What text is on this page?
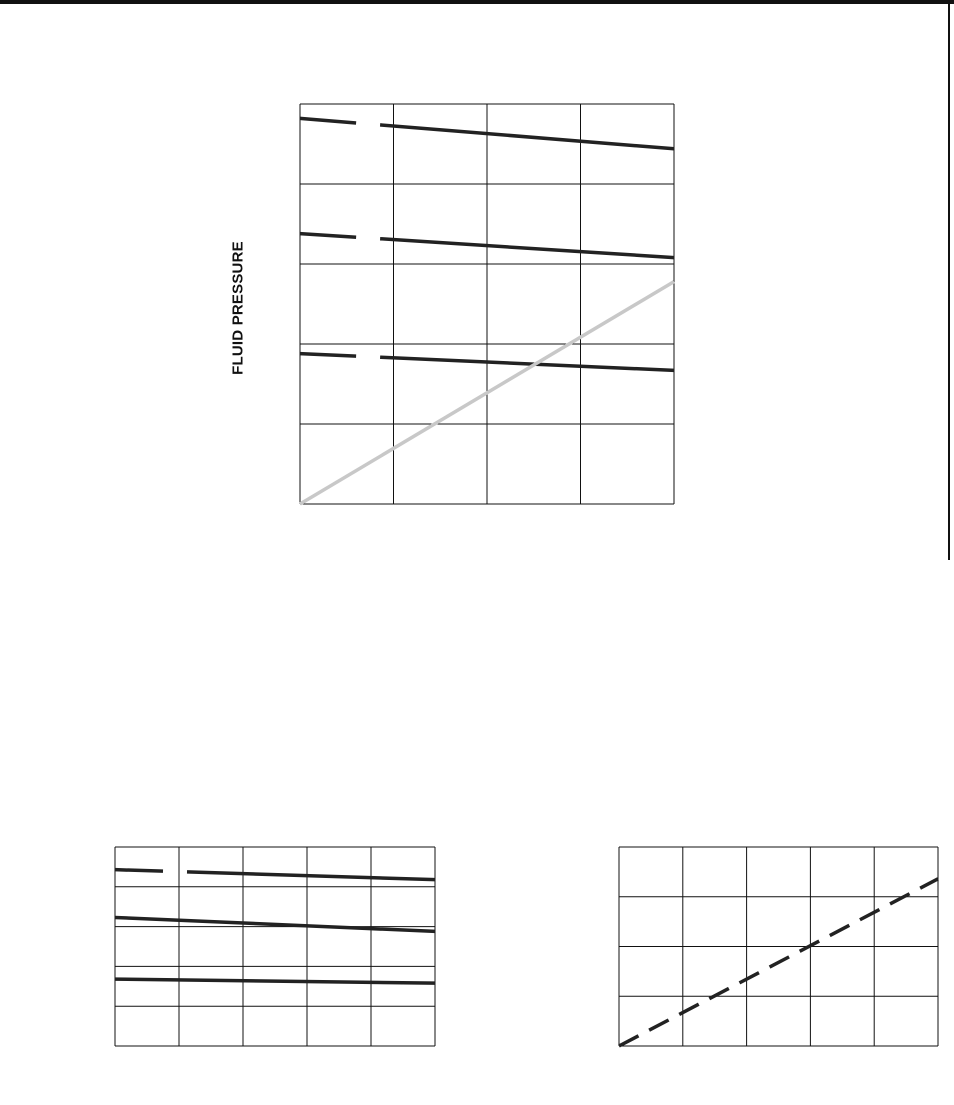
FLUID PRESSURE
